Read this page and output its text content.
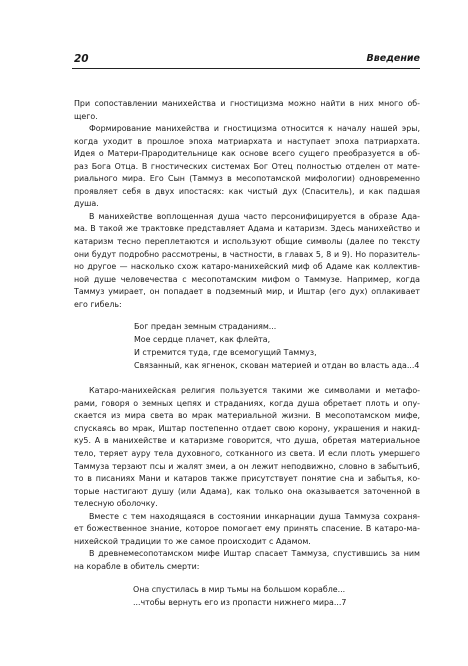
20	Введение
При сопоставлении манихейства и гностицизма можно найти в них много об-
щего.
Формирование манихейства и гностицизма относится к началу нашей эры,
когда уходит в прошлое эпоха матриархата и наступает эпоха патриархата.
Идея о Матери-Прародительнице как основе всего сущего преобразуется в об-
раз Бога Отца. В гностических системах Бог Отец полностью отделен от мате-
риального мира. Его Сын (Таммуз в месопотамской мифологии) одновременно
проявляет себя в двух ипостасях: как чистый дух (Спаситель), и как падшая
душа.
В манихействе воплощенная душа часто персонифицируется в образе Ада-
ма. В такой же трактовке представляет Адама и катаризм. Здесь манихейство и
катаризм тесно переплетаются и используют общие символы (далее по тексту
они будут подробно рассмотрены, в частности, в главах 5, 8 и 9). Но поразитель-
но другое — насколько схож катаро-манихейский миф об Адаме как коллектив-
ной душе человечества с месопотамским мифом о Таммузе. Например, когда
Таммуз умирает, он попадает в подземный мир, и Иштар (его дух) оплакивает
его гибель:
Бог предан земным страданиям...
Мое сердце плачет, как флейта,
И стремится туда, где всемогущий Таммуз,
Связанный, как ягненок, скован материей и отдан во власть ада...4
Катаро-манихейская религия пользуется такими же символами и метафо-
рами, говоря о земных цепях и страданиях, когда душа обретает плоть и опу-
скается из мира света во мрак материальной жизни. В месопотамском мифе,
спускаясь во мрак, Иштар постепенно отдает свою корону, украшения и накид-
ку5. А в манихействе и катаризме говорится, что душа, обретая материальное
тело, теряет ауру тела духовного, сотканного из света. И если плоть умершего
Таммуза терзают псы и жалят змеи, а он лежит неподвижно, словно в забытьи6,
то в писаниях Мани и катаров также присутствует понятие сна и забытья, ко-
торые настигают душу (или Адама), как только она оказывается заточенной в
телесную оболочку.
Вместе с тем находящаяся в состоянии инкарнации душа Таммуза сохраня-
ет божественное знание, которое помогает ему принять спасение. В катаро-ма-
нихейской традиции то же самое происходит с Адамом.
В древнемесопотамском мифе Иштар спасает Таммуза, спустившись за ним
на корабле в обитель смерти:
Она спустилась в мир тьмы на большом корабле...
...чтобы вернуть его из пропасти нижнего мира...7
